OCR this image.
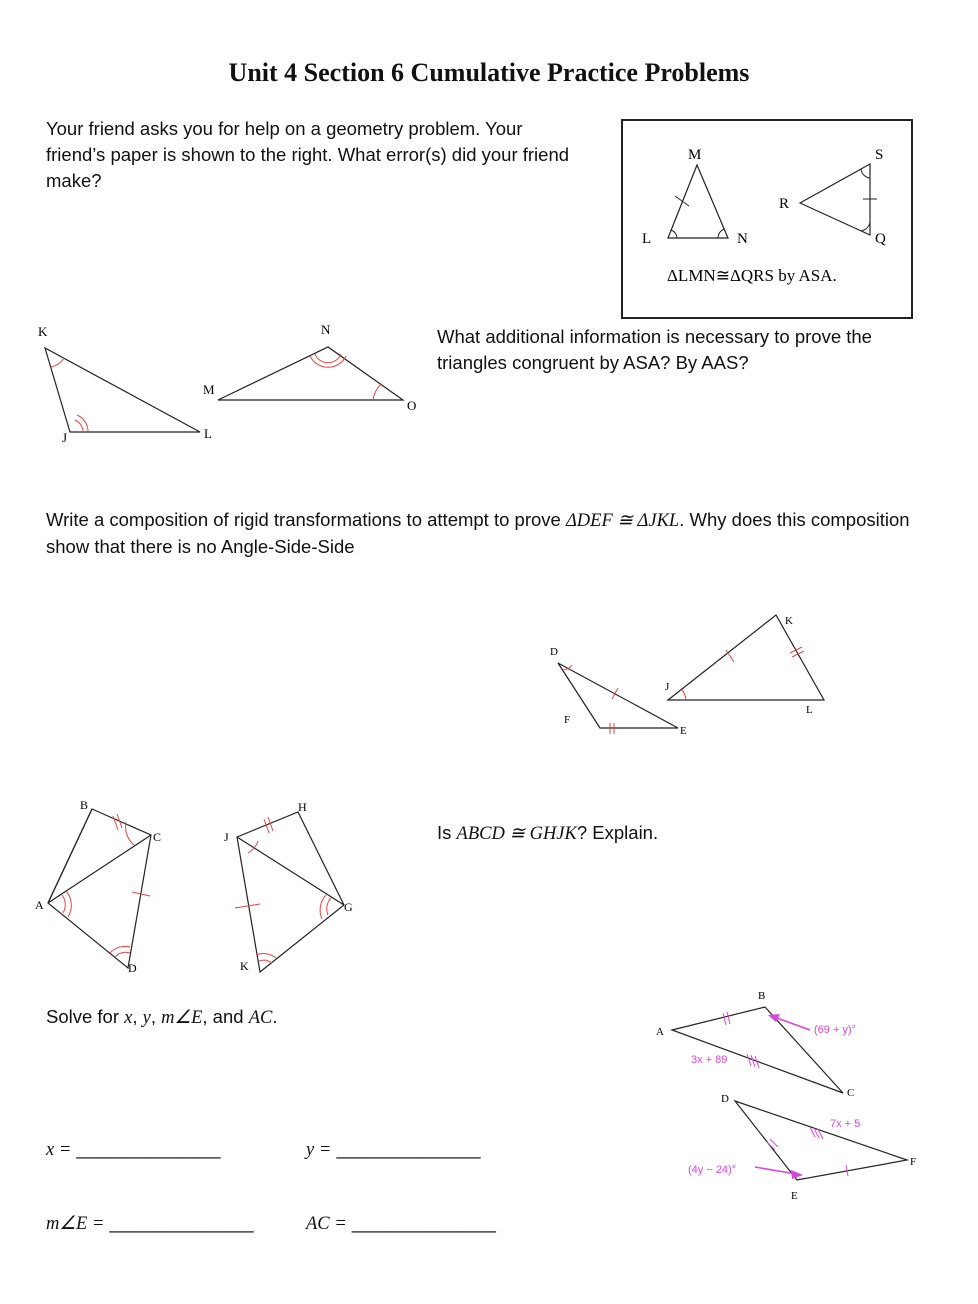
Unit 4 Section 6 Cumulative Practice Problems
Your friend asks you for help on a geometry problem. Your friend’s paper is shown to the right. What error(s) did your friend make?
M
L	N
S
R
Q
ΔLMN≅ΔQRS by ASA.
K
J	L
N
M
O
What additional information is necessary to prove the triangles congruent by ASA? By AAS?
Write a composition of rigid transformations to attempt to prove ΔDEF ≅ ΔJKL. Why does this composition show that there is no Angle-Side-Side
D
F
E
J
K
L
B
C
A
D
J
H
G
K
Is ABCD ≅ GHJK? Explain.
Solve for x, y, m∠E, and AC.
B
A
C
3x + 89
(69 + y)°
D
E
F
7x + 5
(4y − 24)°
x = ______________	y = ______________
m∠E = ______________	AC = ______________
